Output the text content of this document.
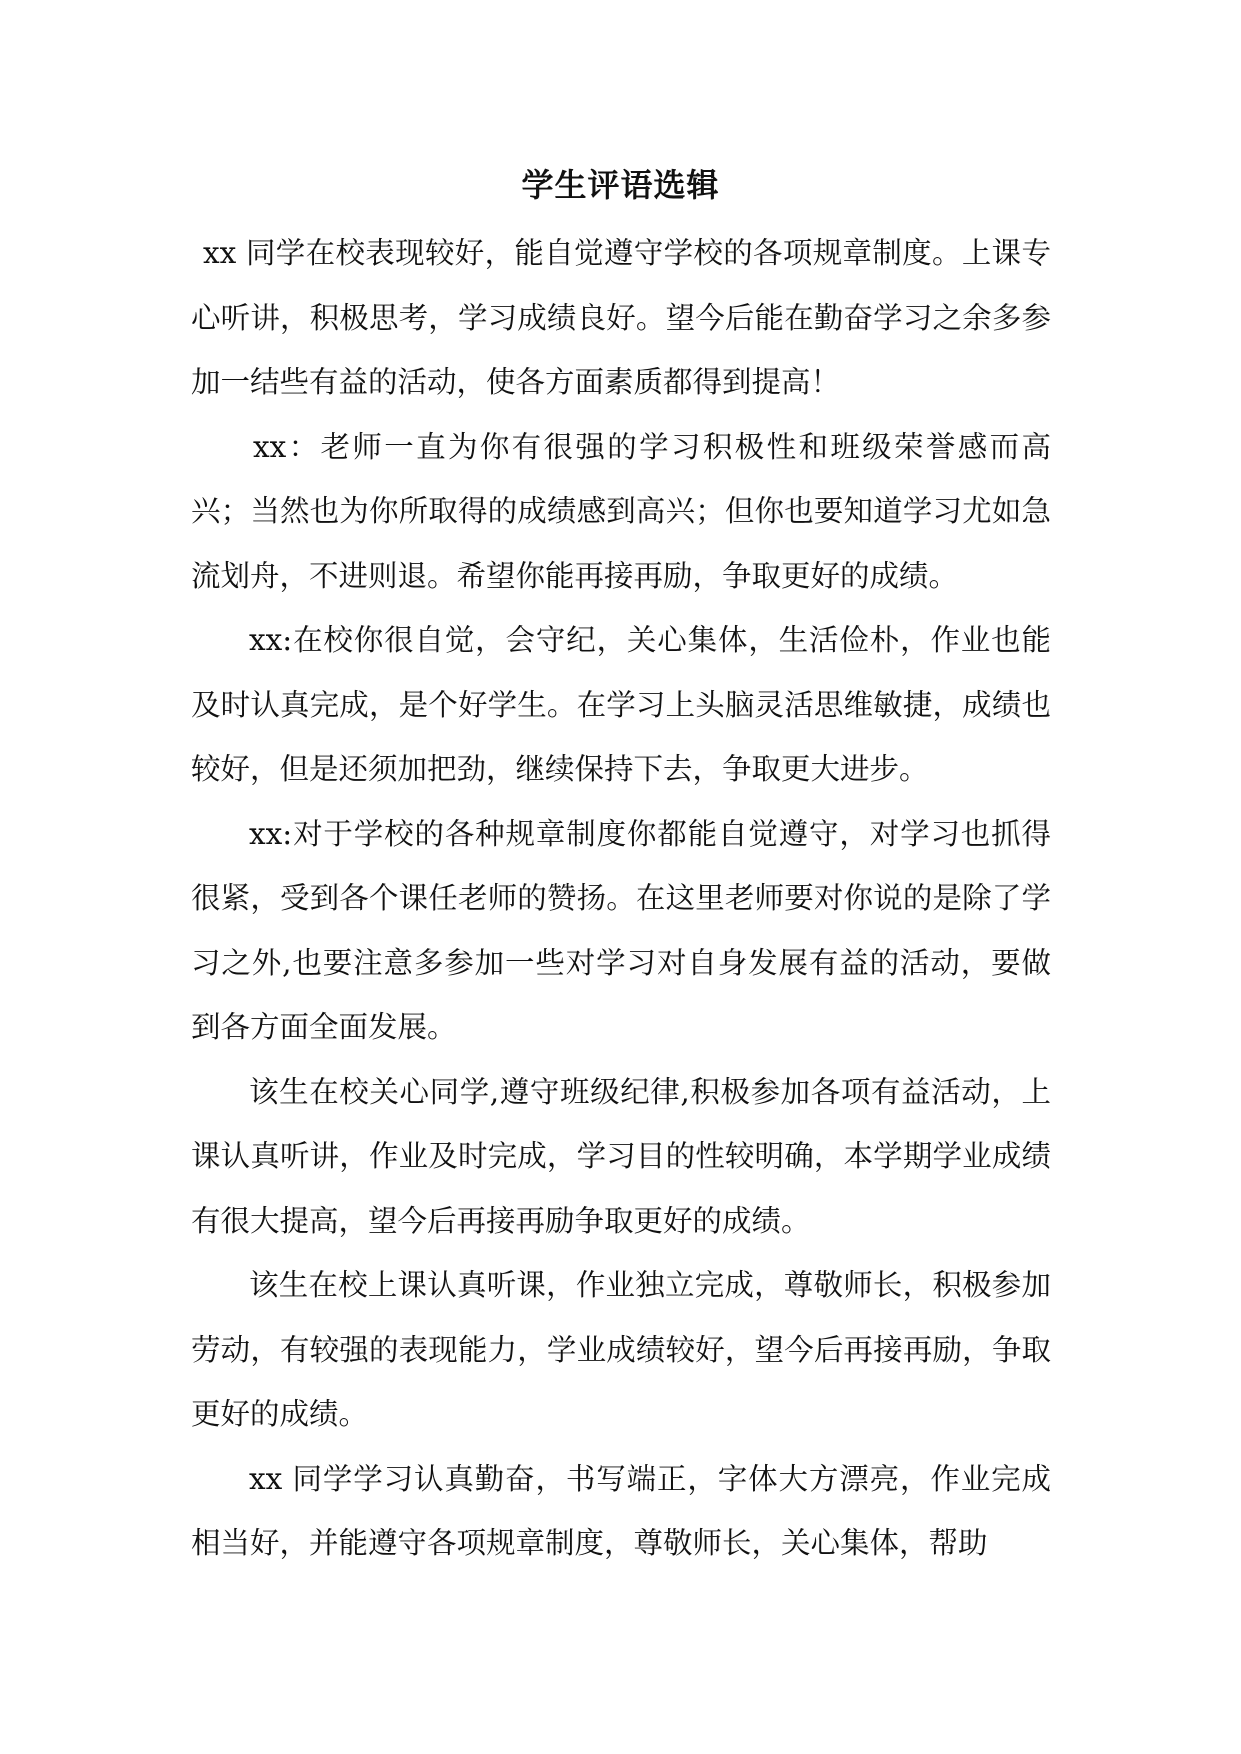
学生评语选辑

xx 同学在校表现较好，能自觉遵守学校的各项规章制度。上课专心听讲，积极思考，学习成绩良好。望今后能在勤奋学习之余多参加一结些有益的活动，使各方面素质都得到提高！

xx：老师一直为你有很强的学习积极性和班级荣誉感而高兴；当然也为你所取得的成绩感到高兴；但你也要知道学习尤如急流划舟，不进则退。希望你能再接再励，争取更好的成绩。

xx:在校你很自觉，会守纪，关心集体，生活俭朴，作业也能及时认真完成，是个好学生。在学习上头脑灵活思维敏捷，成绩也较好，但是还须加把劲，继续保持下去，争取更大进步。

xx:对于学校的各种规章制度你都能自觉遵守，对学习也抓得很紧，受到各个课任老师的赞扬。在这里老师要对你说的是除了学习之外,也要注意多参加一些对学习对自身发展有益的活动，要做到各方面全面发展。

该生在校关心同学,遵守班级纪律,积极参加各项有益活动，上课认真听讲，作业及时完成，学习目的性较明确，本学期学业成绩有很大提高，望今后再接再励争取更好的成绩。

该生在校上课认真听课，作业独立完成，尊敬师长，积极参加劳动，有较强的表现能力，学业成绩较好，望今后再接再励，争取更好的成绩。

xx 同学学习认真勤奋，书写端正，字体大方漂亮，作业完成相当好，并能遵守各项规章制度，尊敬师长，关心集体，帮助
